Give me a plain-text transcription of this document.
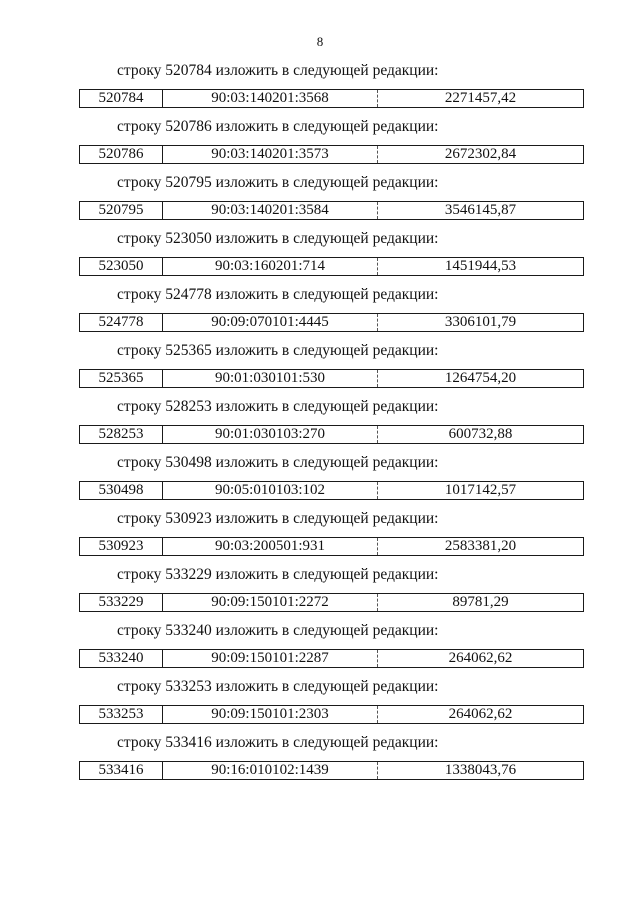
8
строку 520784 изложить в следующей редакции:
520784	90:03:140201:3568	2271457,42
строку 520786 изложить в следующей редакции:
520786	90:03:140201:3573	2672302,84
строку 520795 изложить в следующей редакции:
520795	90:03:140201:3584	3546145,87
строку 523050 изложить в следующей редакции:
523050	90:03:160201:714	1451944,53
строку 524778 изложить в следующей редакции:
524778	90:09:070101:4445	3306101,79
строку 525365 изложить в следующей редакции:
525365	90:01:030101:530	1264754,20
строку 528253 изложить в следующей редакции:
528253	90:01:030103:270	600732,88
строку 530498 изложить в следующей редакции:
530498	90:05:010103:102	1017142,57
строку 530923 изложить в следующей редакции:
530923	90:03:200501:931	2583381,20
строку 533229 изложить в следующей редакции:
533229	90:09:150101:2272	89781,29
строку 533240 изложить в следующей редакции:
533240	90:09:150101:2287	264062,62
строку 533253 изложить в следующей редакции:
533253	90:09:150101:2303	264062,62
строку 533416 изложить в следующей редакции:
533416	90:16:010102:1439	1338043,76
